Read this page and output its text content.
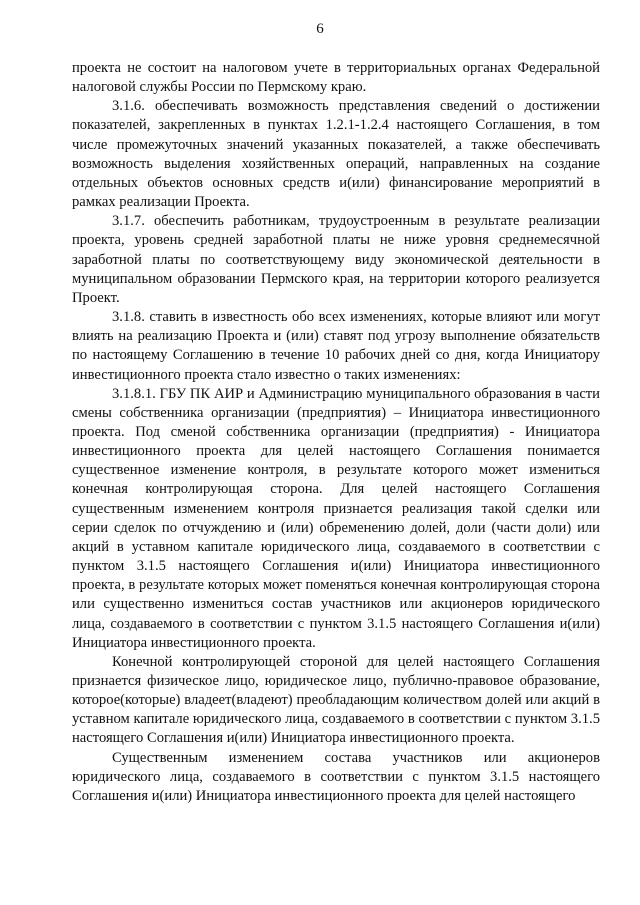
6

проекта не состоит на налоговом учете в территориальных органах Федеральной налоговой службы России по Пермскому краю.

3.1.6. обеспечивать возможность представления сведений о достижении показателей, закрепленных в пунктах 1.2.1-1.2.4 настоящего Соглашения, в том числе промежуточных значений указанных показателей, а также обеспечивать возможность выделения хозяйственных операций, направленных на создание отдельных объектов основных средств и(или) финансирование мероприятий в рамках реализации Проекта.

3.1.7. обеспечить работникам, трудоустроенным в результате реализации проекта, уровень средней заработной платы не ниже уровня среднемесячной заработной платы по соответствующему виду экономической деятельности в муниципальном образовании Пермского края, на территории которого реализуется Проект.

3.1.8. ставить в известность обо всех изменениях, которые влияют или могут влиять на реализацию Проекта и (или) ставят под угрозу выполнение обязательств по настоящему Соглашению в течение 10 рабочих дней со дня, когда Инициатору инвестиционного проекта стало известно о таких изменениях:

3.1.8.1. ГБУ ПК АИР и Администрацию муниципального образования в части смены собственника организации (предприятия) – Инициатора инвестиционного проекта. Под сменой собственника организации (предприятия) - Инициатора инвестиционного проекта для целей настоящего Соглашения понимается существенное изменение контроля, в результате которого может измениться конечная контролирующая сторона. Для целей настоящего Соглашения существенным изменением контроля признается реализация такой сделки или серии сделок по отчуждению и (или) обременению долей, доли (части доли) или акций в уставном капитале юридического лица, создаваемого в соответствии с пунктом 3.1.5 настоящего Соглашения и(или) Инициатора инвестиционного проекта, в результате которых может поменяться конечная контролирующая сторона или существенно измениться состав участников или акционеров юридического лица, создаваемого в соответствии с пунктом 3.1.5 настоящего Соглашения и(или) Инициатора инвестиционного проекта.

Конечной контролирующей стороной для целей настоящего Соглашения признается физическое лицо, юридическое лицо, публично-правовое образование, которое(которые) владеет(владеют) преобладающим количеством долей или акций в уставном капитале юридического лица, создаваемого в соответствии с пунктом 3.1.5 настоящего Соглашения и(или) Инициатора инвестиционного проекта.

Существенным изменением состава участников или акционеров юридического лица, создаваемого в соответствии с пунктом 3.1.5 настоящего Соглашения и(или) Инициатора инвестиционного проекта для целей настоящего
